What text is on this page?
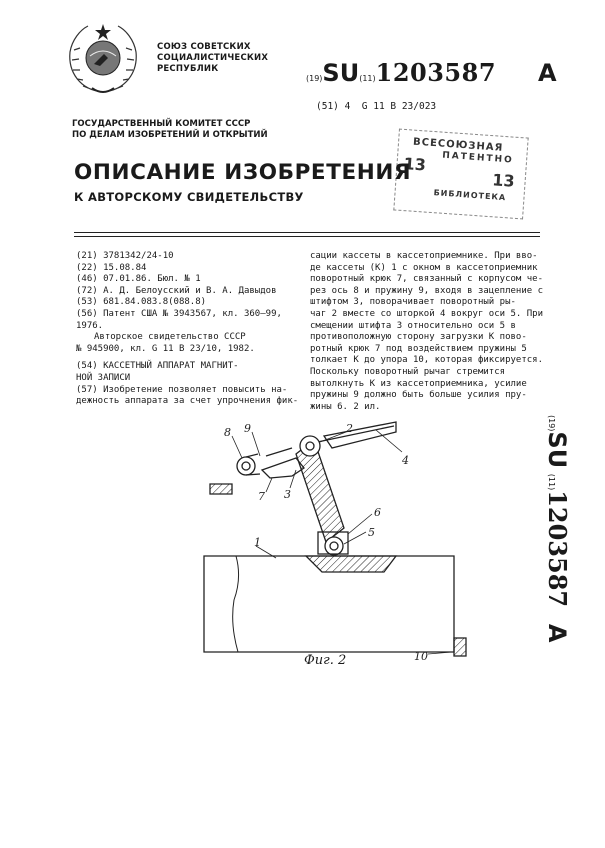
СОЮЗ СОВЕТСКИХ
СОЦИАЛИСТИЧЕСКИХ
РЕСПУБЛИК
(19)SU(11)1203587 A
(51) 4 G 11 B 23/023
ГОСУДАРСТВЕННЫЙ КОМИТЕТ СССР
ПО ДЕЛАМ ИЗОБРЕТЕНИЙ И ОТКРЫТИЙ
ВСЕСОЮЗНАЯ
13 ПАТЕНТНО
13
БИБЛИОТЕКА
ОПИСАНИЕ ИЗОБРЕТЕНИЯ
К АВТОРСКОМУ СВИДЕТЕЛЬСТВУ
(21) 3781342/24-10
(22) 15.08.84
(46) 07.01.86. Бюл. № 1
(72) А. Д. Белоусский и В. А. Давыдов
(53) 681.84.083.8(088.8)
(56) Патент США № 3943567, кл. 360—99,
1976.
Авторское свидетельство СССР
№ 945900, кл. G 11 B 23/10, 1982.
(54) КАССЕТНЫЙ АППАРАТ МАГНИТ-
НОЙ ЗАПИСИ
(57) Изобретение позволяет повысить на-
дежность аппарата за счет упрочнения фик-
сации кассеты в кассетоприемнике. При вво-
де кассеты (К) 1 с окном в кассетоприемник
поворотный крюк 7, связанный с корпусом че-
рез ось 8 и пружину 9, входя в зацепление с
штифтом 3, поворачивает поворотный ры-
чаг 2 вместе со шторкой 4 вокруг оси 5. При
смещении штифта 3 относительно оси 5 в
противоположную сторону загрузки К пово-
ротный крюк 7 под воздействием пружины 5
толкает К до упора 10, которая фиксируется.
Поскольку поворотный рычаг стремится
вытолкнуть К из кассетоприемника, усилие
пружины 9 должно быть больше усилия пру-
жины 6. 2 ил.
(19)SU (11)1203587   A
8 9
7 3
2
4
6
5
1
10
Фиг. 2
